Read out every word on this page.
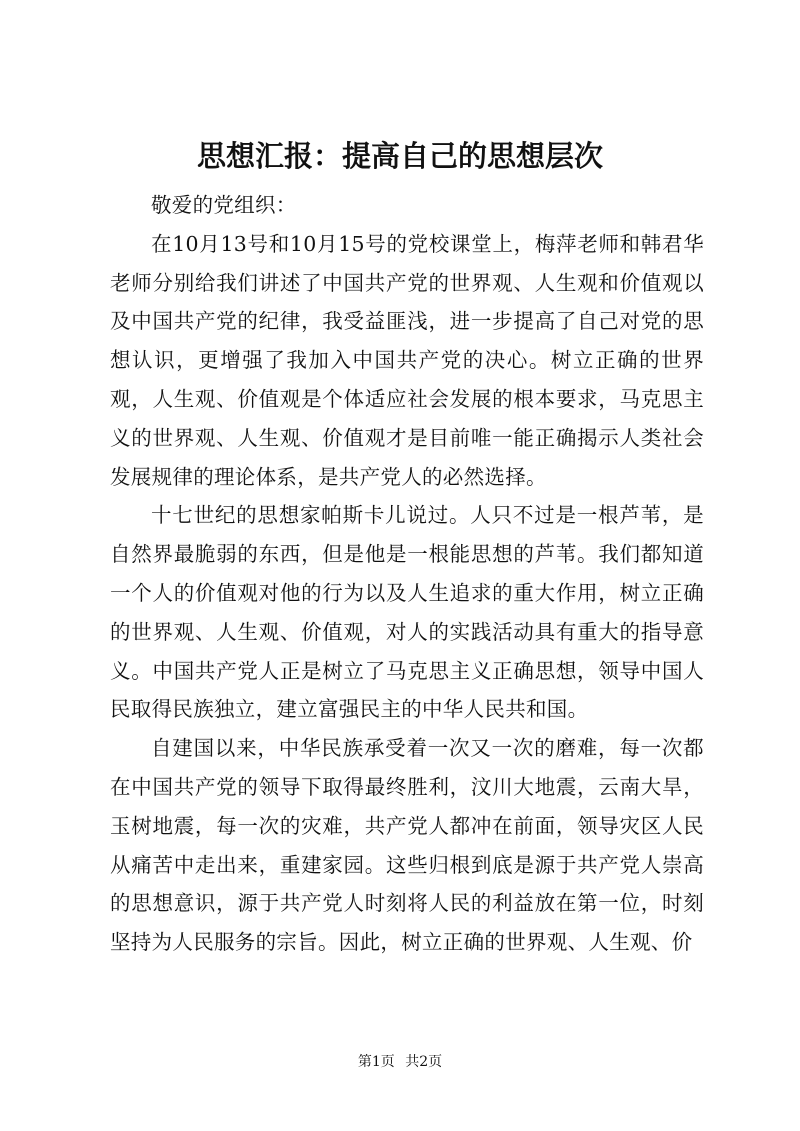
思想汇报：提高自己的思想层次

敬爱的党组织：

在10月13号和10月15号的党校课堂上，梅萍老师和韩君华老师分别给我们讲述了中国共产党的世界观、人生观和价值观以及中国共产党的纪律，我受益匪浅，进一步提高了自己对党的思想认识，更增强了我加入中国共产党的决心。树立正确的世界观，人生观、价值观是个体适应社会发展的根本要求，马克思主义的世界观、人生观、价值观才是目前唯一能正确揭示人类社会发展规律的理论体系，是共产党人的必然选择。

十七世纪的思想家帕斯卡儿说过。人只不过是一根芦苇，是自然界最脆弱的东西，但是他是一根能思想的芦苇。我们都知道一个人的价值观对他的行为以及人生追求的重大作用，树立正确的世界观、人生观、价值观，对人的实践活动具有重大的指导意义。中国共产党人正是树立了马克思主义正确思想，领导中国人民取得民族独立，建立富强民主的中华人民共和国。

自建国以来，中华民族承受着一次又一次的磨难，每一次都在中国共产党的领导下取得最终胜利，汶川大地震，云南大旱，玉树地震，每一次的灾难，共产党人都冲在前面，领导灾区人民从痛苦中走出来，重建家园。这些归根到底是源于共产党人崇高的思想意识，源于共产党人时刻将人民的利益放在第一位，时刻坚持为人民服务的宗旨。因此，树立正确的世界观、人生观、价

第1页 共2页
